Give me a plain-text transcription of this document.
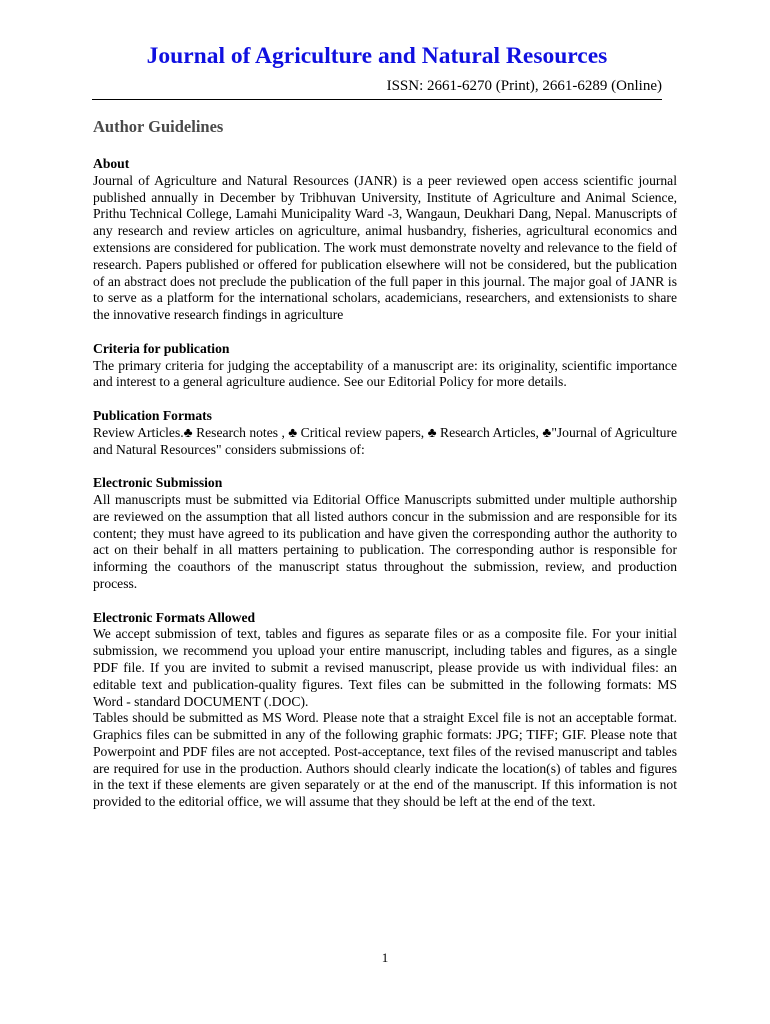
Journal of Agriculture and Natural Resources

ISSN: 2661-6270 (Print), 2661-6289 (Online)

Author Guidelines
About

Journal of Agriculture and Natural Resources (JANR) is a peer reviewed open access scientific journal published annually in December by Tribhuvan University, Institute of Agriculture and Animal Science, Prithu Technical College, Lamahi Municipality Ward -3, Wangaun, Deukhari Dang, Nepal. Manuscripts of any research and review articles on agriculture, animal husbandry, fisheries, agricultural economics and extensions are considered for publication. The work must demonstrate novelty and relevance to the field of research. Papers published or offered for publication elsewhere will not be considered, but the publication of an abstract does not preclude the publication of the full paper in this journal. The major goal of JANR is to serve as a platform for the international scholars, academicians, researchers, and extensionists to share the innovative research findings in agriculture

Criteria for publication

The primary criteria for judging the acceptability of a manuscript are: its originality, scientific importance and interest to a general agriculture audience. See our Editorial Policy for more details.

Publication Formats

Review Articles.♣ Research notes , ♣ Critical review papers, ♣ Research Articles, ♣"Journal of Agriculture and Natural Resources" considers submissions of:

Electronic Submission

All manuscripts must be submitted via Editorial Office Manuscripts submitted under multiple authorship are reviewed on the assumption that all listed authors concur in the submission and are responsible for its content; they must have agreed to its publication and have given the corresponding author the authority to act on their behalf in all matters pertaining to publication. The corresponding author is responsible for informing the coauthors of the manuscript status throughout the submission, review, and production process.

Electronic Formats Allowed

We accept submission of text, tables and figures as separate files or as a composite file. For your initial submission, we recommend you upload your entire manuscript, including tables and figures, as a single PDF file. If you are invited to submit a revised manuscript, please provide us with individual files: an editable text and publication-quality figures. Text files can be submitted in the following formats: MS Word - standard DOCUMENT (.DOC).

Tables should be submitted as MS Word. Please note that a straight Excel file is not an acceptable format. Graphics files can be submitted in any of the following graphic formats: JPG; TIFF; GIF. Please note that Powerpoint and PDF files are not accepted. Post-acceptance, text files of the revised manuscript and tables are required for use in the production. Authors should clearly indicate the location(s) of tables and figures in the text if these elements are given separately or at the end of the manuscript. If this information is not provided to the editorial office, we will assume that they should be left at the end of the text.

1
